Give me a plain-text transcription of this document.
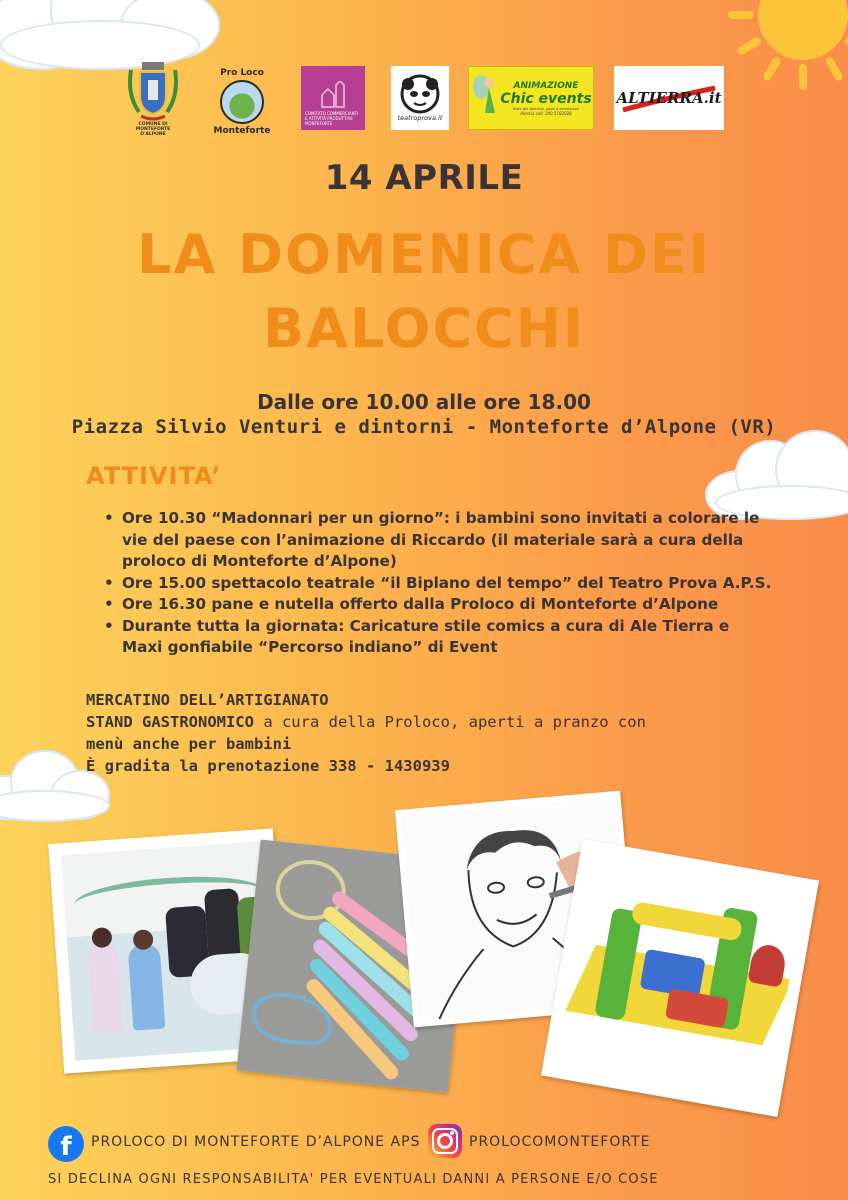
COMUNE DI MONTEFORTE D'ALPONE
Pro Loco
Monteforte
COMITATO COMMERCIANTI E ATTIVITÀ PRODUTTIVE MONTEFORTE
teatroprova.it
ANIMAZIONE
Chic events
feste per bambini, sposi e anniversari
Alessia cell. 340 5182028
ALTIERRA.it
14 APRILE
LA DOMENICA DEI
BALOCCHI
Dalle ore 10.00 alle ore 18.00
Piazza Silvio Venturi e dintorni - Monteforte d’Alpone (VR)
ATTIVITA’
• Ore 10.30 “Madonnari per un giorno”: i bambini sono invitati a colorare le vie del paese con l’animazione di Riccardo (il materiale sarà a cura della proloco di Monteforte d’Alpone)
• Ore 15.00 spettacolo teatrale “il Biplano del tempo” del Teatro Prova A.P.S.
• Ore 16.30 pane e nutella offerto dalla Proloco di Monteforte d’Alpone
• Durante tutta la giornata: Caricature stile comics a cura di Ale Tierra e Maxi gonfiabile “Percorso indiano” di Event
MERCATINO DELL’ARTIGIANATO
STAND GASTRONOMICO a cura della Proloco, aperti a pranzo con
menù anche per bambini
È gradita la prenotazione 338 - 1430939
f	PROLOCO DI MONTEFORTE D’ALPONE APS	PROLOCOMONTEFORTE
SI DECLINA OGNI RESPONSABILITA' PER EVENTUALI DANNI A PERSONE E/O COSE
